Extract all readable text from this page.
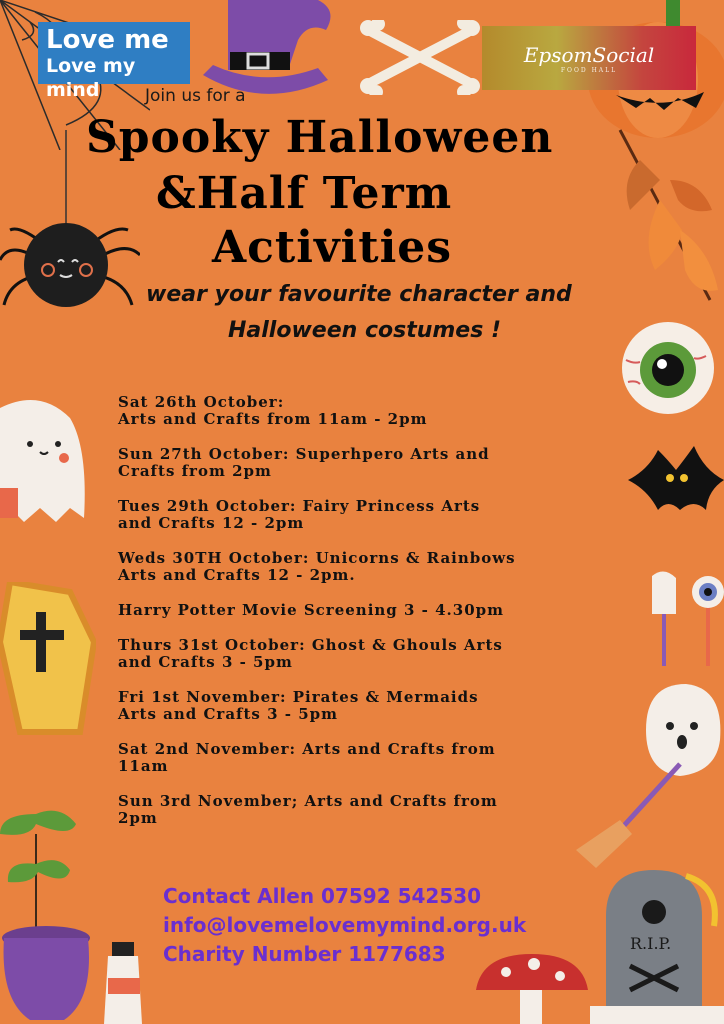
Love me
Love my mind
EpsomSocial
FOOD HALL
Join us for a
Spooky Halloween
&Half Term
Activities
wear your favourite character and
Halloween costumes !
Sat 26th October:
Arts and Crafts from 11am - 2pm
Sun 27th October: Superhpero Arts and
Crafts from 2pm
Tues 29th October: Fairy Princess Arts
and Crafts 12 - 2pm
Weds 30TH October: Unicorns & Rainbows
Arts and Crafts 12 - 2pm.
Harry Potter Movie Screening 3 - 4.30pm
Thurs 31st October: Ghost & Ghouls Arts
and Crafts 3 - 5pm
Fri 1st November: Pirates & Mermaids
Arts and Crafts 3 - 5pm
Sat 2nd November: Arts and Crafts from
11am
Sun 3rd November; Arts and Crafts from
2pm
Contact Allen 07592 542530
info@lovemelovemymind.org.uk
Charity Number 1177683	R.I.P.
